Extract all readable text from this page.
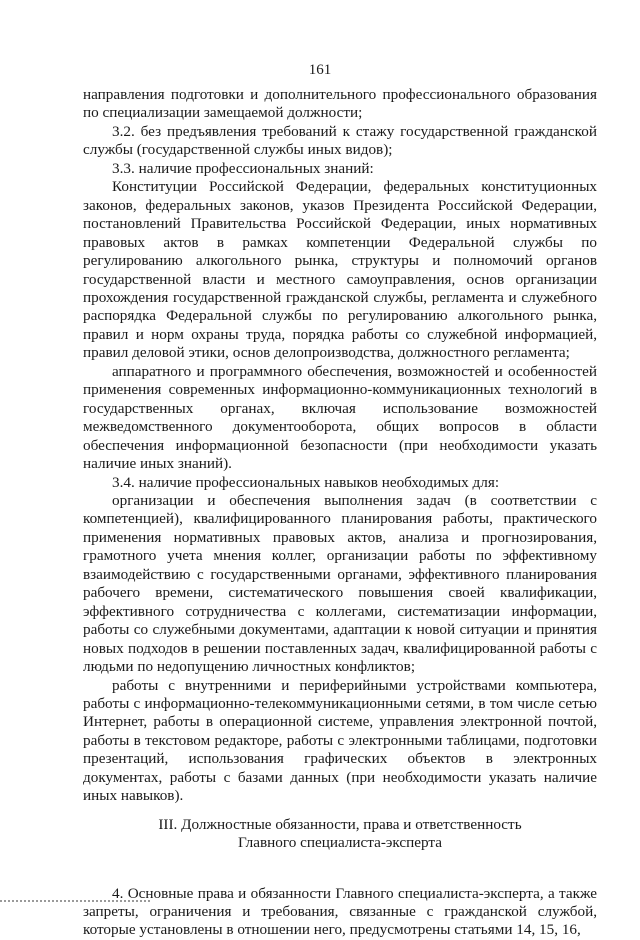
161

направления подготовки и дополнительного профессионального образования по специализации замещаемой должности;

3.2. без предъявления требований к стажу государственной гражданской службы (государственной службы иных видов);

3.3. наличие профессиональных знаний:

Конституции Российской Федерации, федеральных конституционных законов, федеральных законов, указов Президента Российской Федерации, постановлений Правительства Российской Федерации, иных нормативных правовых актов в рамках компетенции Федеральной службы по регулированию алкогольного рынка, структуры и полномочий органов государственной власти и местного самоуправления, основ организации прохождения государственной гражданской службы, регламента и служебного распорядка Федеральной службы по регулированию алкогольного рынка, правил и норм охраны труда, порядка работы со служебной информацией, правил деловой этики, основ делопроизводства, должностного регламента;

аппаратного и программного обеспечения, возможностей и особенностей применения современных информационно-коммуникационных технологий в государственных органах, включая использование возможностей межведомственного документооборота, общих вопросов в области обеспечения информационной безопасности (при необходимости указать наличие иных знаний).

3.4. наличие профессиональных навыков необходимых для:

организации и обеспечения выполнения задач (в соответствии с компетенцией), квалифицированного планирования работы, практического применения нормативных правовых актов, анализа и прогнозирования, грамотного учета мнения коллег, организации работы по эффективному взаимодействию с государственными органами, эффективного планирования рабочего времени, систематического повышения своей квалификации, эффективного сотрудничества с коллегами, систематизации информации, работы со служебными документами, адаптации к новой ситуации и принятия новых подходов в решении поставленных задач, квалифицированной работы с людьми по недопущению личностных конфликтов;

работы с внутренними и периферийными устройствами компьютера, работы с информационно-телекоммуникационными сетями, в том числе сетью Интернет, работы в операционной системе, управления электронной почтой, работы в текстовом редакторе, работы с электронными таблицами, подготовки презентаций, использования графических объектов в электронных документах, работы с базами данных (при необходимости указать наличие иных навыков).

III. Должностные обязанности, права и ответственность

Главного специалиста-эксперта

4. Основные права и обязанности Главного специалиста-эксперта, а также запреты, ограничения и требования, связанные с гражданской службой, которые установлены в отношении него, предусмотрены статьями 14, 15, 16,
